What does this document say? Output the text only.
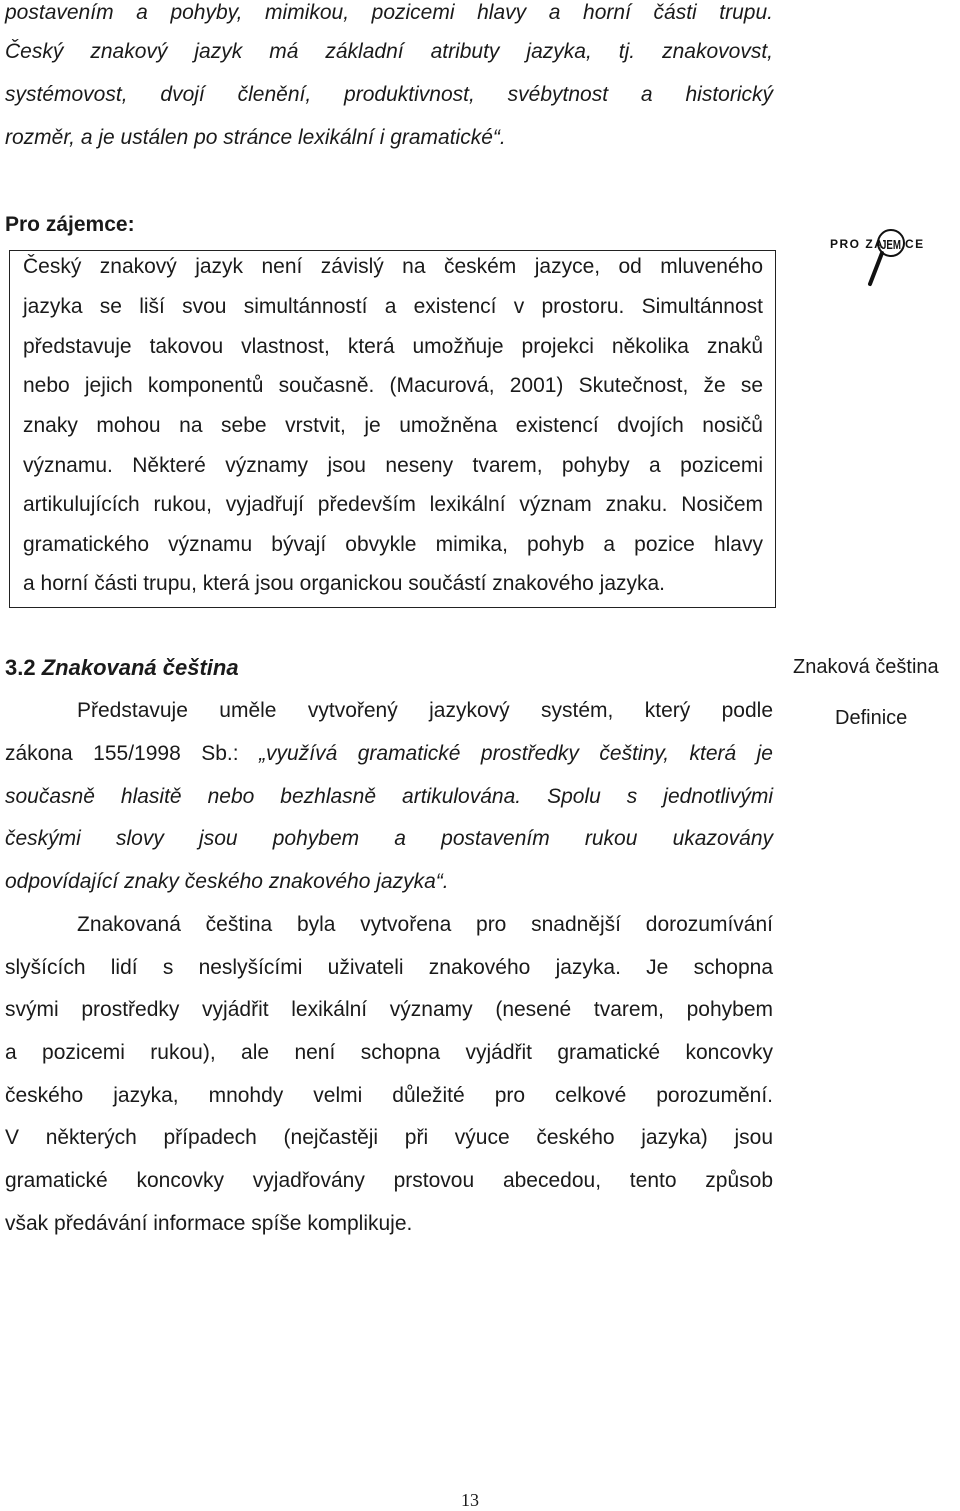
postavením a pohyby, mimikou, pozicemi hlavy a horní části trupu.

Český znakový jazyk má základní atributy jazyka, tj. znakovovst,

systémovost, dvojí členění, produktivnost, svébytnost a historický

rozměr, a je ustálen po stránce lexikální i gramatické“.

Pro zájemce:

Český znakový jazyk není závislý na českém jazyce, od mluveného

jazyka se liší svou simultánností a existencí v prostoru. Simultánnost

představuje takovou vlastnost, která umožňuje projekci několika znaků

nebo jejich komponentů současně. (Macurová, 2001) Skutečnost, že se

znaky mohou na sebe vrstvit, je umožněna existencí dvojích nosičů

významu. Některé významy jsou neseny tvarem, pohyby a pozicemi

artikulujících rukou, vyjadřují především lexikální význam znaku. Nosičem

gramatického významu bývají obvykle mimika, pohyb a pozice hlavy

a horní části trupu, která jsou organickou součástí znakového jazyka.

PRO ZÁ
JEM CE

3.2 Znakovaná čeština	Znaková čeština

Definice

Představuje uměle vytvořený jazykový systém, který podle

zákona 155/1998 Sb.: „využívá gramatické prostředky češtiny, která je

současně hlasitě nebo bezhlasně artikulována. Spolu s jednotlivými

českými slovy jsou pohybem a postavením rukou ukazovány

odpovídající znaky českého znakového jazyka“.

Znakovaná čeština byla vytvořena pro snadnější dorozumívání

slyšících lidí s neslyšícími uživateli znakového jazyka. Je schopna

svými prostředky vyjádřit lexikální významy (nesené tvarem, pohybem

a pozicemi rukou), ale není schopna vyjádřit gramatické koncovky

českého jazyka, mnohdy velmi důležité pro celkové porozumění.

V některých případech (nejčastěji při výuce českého jazyka) jsou

gramatické koncovky vyjadřovány prstovou abecedou, tento způsob

však předávání informace spíše komplikuje.

13
